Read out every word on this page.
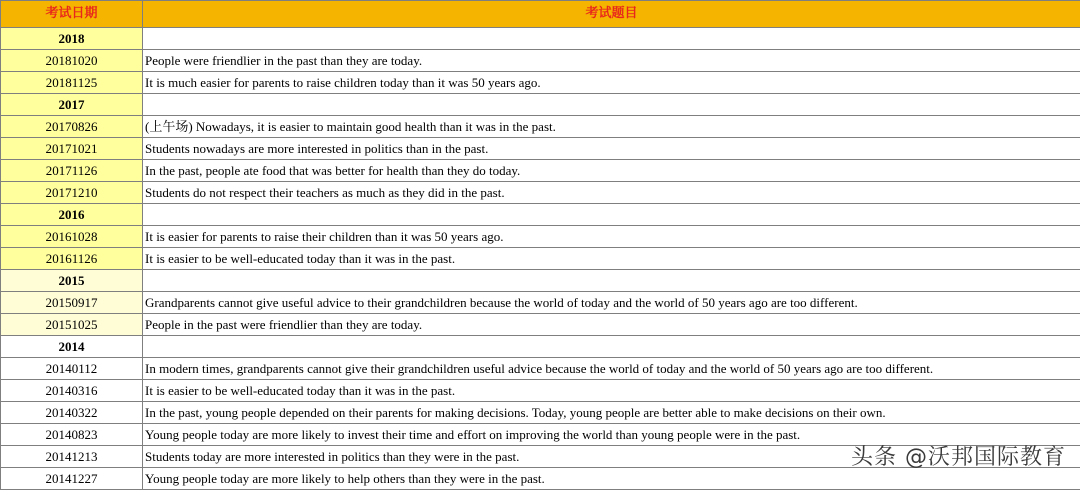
考试日期	考试题目
2018	
20181020	People were friendlier in the past than they are today.
20181125	It is much easier for parents to raise children today than it was 50 years ago.
2017	
20170826	(上午场) Nowadays, it is easier to maintain good health than it was in the past.
20171021	Students nowadays are more interested in politics than in the past.
20171126	In the past, people ate food that was better for health than they do today.
20171210	Students do not respect their teachers as much as they did in the past.
2016	
20161028	It is easier for parents to raise their children than it was 50 years ago.
20161126	It is easier to be well-educated today than it was in the past.
2015	
20150917	Grandparents cannot give useful advice to their grandchildren because the world of today and the world of 50 years ago are too different.
20151025	People in the past were friendlier than they are today.
2014	
20140112	In modern times, grandparents cannot give their grandchildren useful advice because the world of today and the world of 50 years ago are too different.
20140316	It is easier to be well-educated today than it was in the past.
20140322	In the past, young people depended on their parents for making decisions. Today, young people are better able to make decisions on their own.
20140823	Young people today are more likely to invest their time and effort on improving the world than young people were in the past.
20141213	Students today are more interested in politics than they were in the past.
20141227	Young people today are more likely to help others than they were in the past.
头条 @沃邦国际教育
